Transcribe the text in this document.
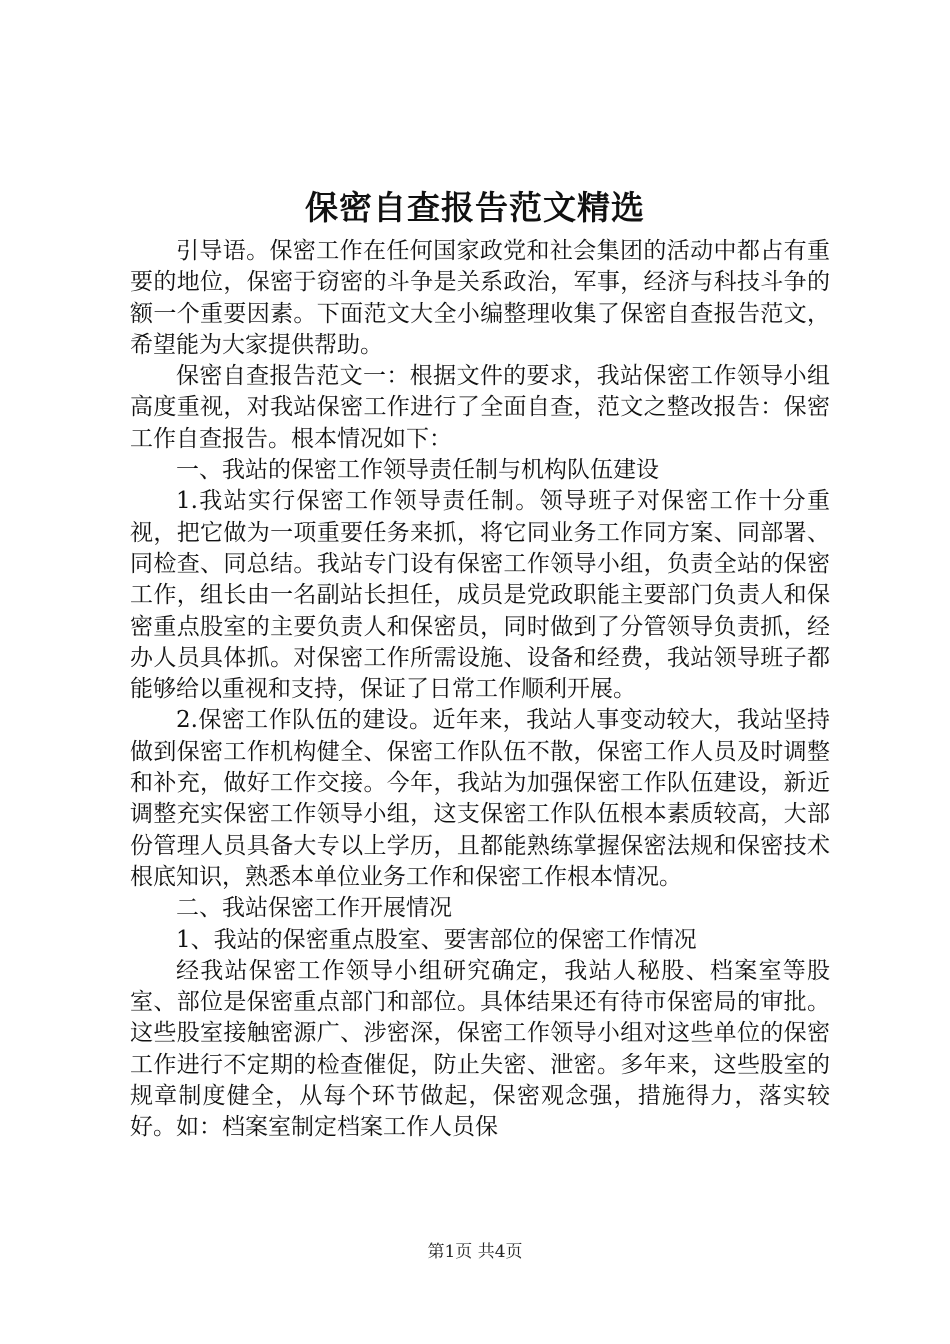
保密自查报告范文精选

引导语。保密工作在任何国家政党和社会集团的活动中都占有重要的地位，保密于窃密的斗争是关系政治，军事，经济与科技斗争的额一个重要因素。下面范文大全小编整理收集了保密自查报告范文，希望能为大家提供帮助。

保密自查报告范文一：根据文件的要求，我站保密工作领导小组高度重视，对我站保密工作进行了全面自查，范文之整改报告：保密工作自查报告。根本情况如下：

一、我站的保密工作领导责任制与机构队伍建设

1.我站实行保密工作领导责任制。领导班子对保密工作十分重视，把它做为一项重要任务来抓，将它同业务工作同方案、同部署、同检查、同总结。我站专门设有保密工作领导小组，负责全站的保密工作，组长由一名副站长担任，成员是党政职能主要部门负责人和保密重点股室的主要负责人和保密员，同时做到了分管领导负责抓，经办人员具体抓。对保密工作所需设施、设备和经费，我站领导班子都能够给以重视和支持，保证了日常工作顺利开展。

2.保密工作队伍的建设。近年来，我站人事变动较大，我站坚持做到保密工作机构健全、保密工作队伍不散，保密工作人员及时调整和补充，做好工作交接。今年，我站为加强保密工作队伍建设，新近调整充实保密工作领导小组，这支保密工作队伍根本素质较高，大部份管理人员具备大专以上学历，且都能熟练掌握保密法规和保密技术根底知识，熟悉本单位业务工作和保密工作根本情况。

二、我站保密工作开展情况

1、我站的保密重点股室、要害部位的保密工作情况

经我站保密工作领导小组研究确定，我站人秘股、档案室等股室、部位是保密重点部门和部位。具体结果还有待市保密局的审批。这些股室接触密源广、涉密深，保密工作领导小组对这些单位的保密工作进行不定期的检查催促，防止失密、泄密。多年来，这些股室的规章制度健全，从每个环节做起，保密观念强，措施得力，落实较好。如：档案室制定档案工作人员保

第1页 共4页
